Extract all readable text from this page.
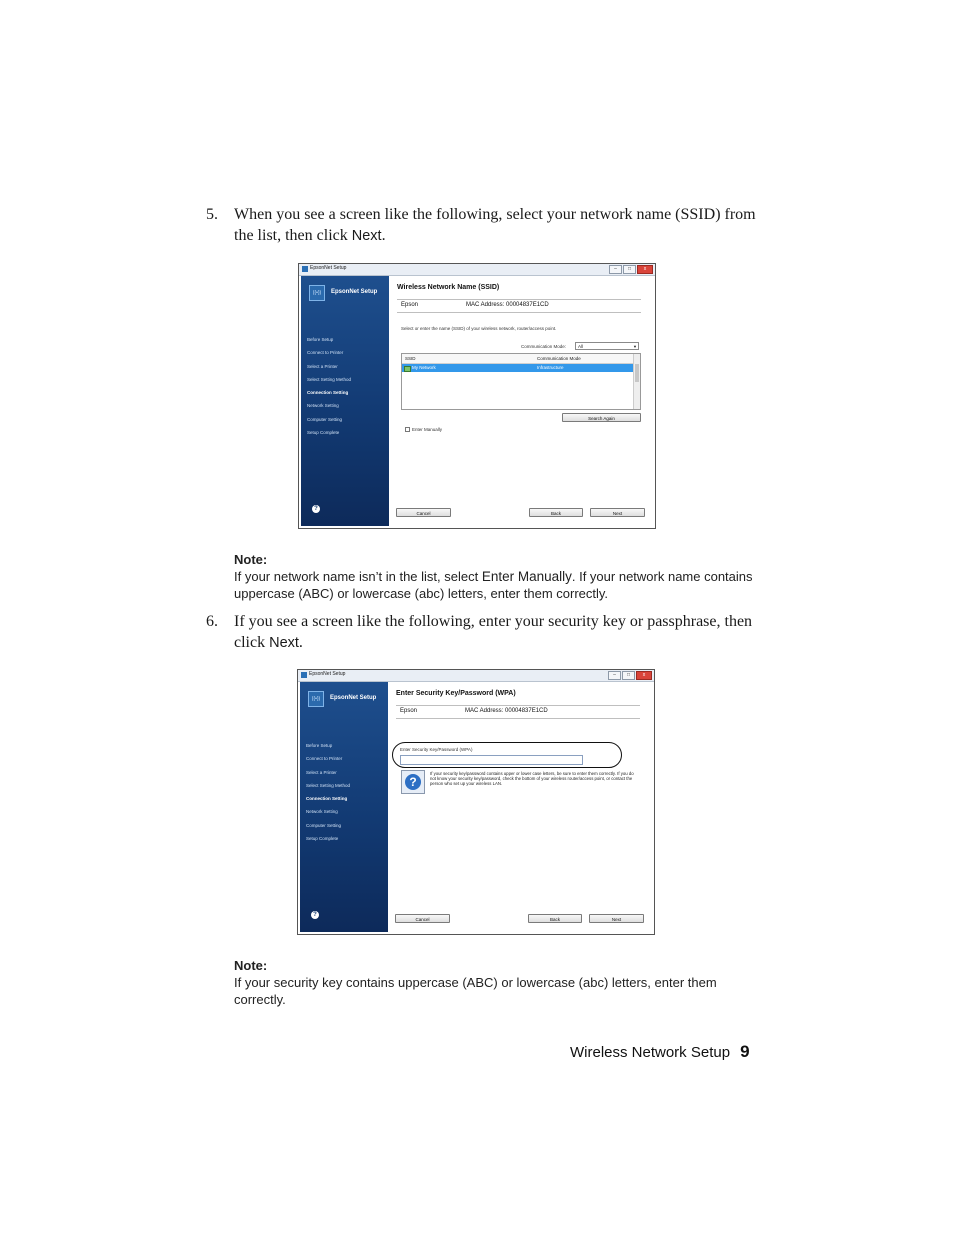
5. When you see a screen like the following, select your network name (SSID) from the list, then click Next.
EpsonNet Setup	– □	x
((•))	EpsonNet Setup
Before Setup
Connect to Printer
Select a Printer
Select Setting Method
Connection Setting
Network Setting
Computer Setting
Setup Complete
?
Wireless Network Name (SSID)
Epson	MAC Address: 00004837E1CD
Select or enter the name (SSID) of your wireless network, router/access point.
Communication Mode:	All	▼
SSID	Communication Mode
My Network	Infrastructure
Search Again
Enter Manually
Cancel	Back	Next
Note:
If your network name isn’t in the list, select Enter Manually. If your network name contains uppercase (ABC) or lowercase (abc) letters, enter them correctly.
6. If you see a screen like the following, enter your security key or passphrase, then click Next.
EpsonNet Setup	– □	x
((•))	EpsonNet Setup
Before Setup
Connect to Printer
Select a Printer
Select Setting Method
Connection Setting
Network Setting
Computer Setting
Setup Complete
?
Enter Security Key/Password (WPA)
Epson	MAC Address: 00004837E1CD
Enter Security Key/Password (WPA)
?
If your security key/password contains upper or lower case letters, be sure to enter them correctly. If you do not know your security key/password, check the bottom of your wireless router/access point, or contact the person who set up your wireless LAN.
Cancel	Back	Next
Note:
If your security key contains uppercase (ABC) or lowercase (abc) letters, enter them correctly.
Wireless Network Setup 9
